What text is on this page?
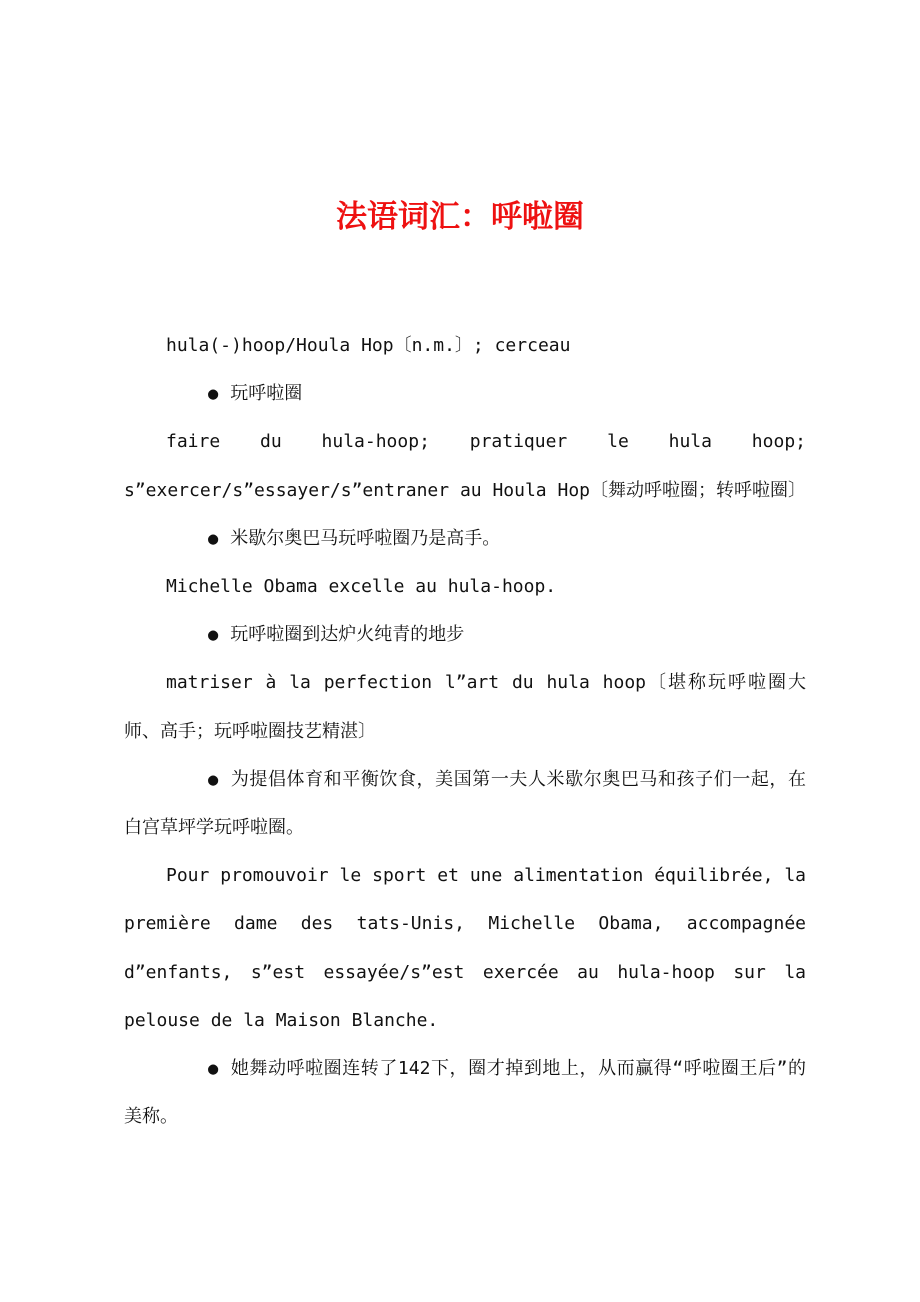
法语词汇：呼啦圈

hula(-)hoop/Houla Hop〔n.m.〕; cerceau

● 玩呼啦圈

faire du hula-hoop; pratiquer le hula hoop; s”exercer/s”essayer/s”entraner au Houla Hop〔舞动呼啦圈；转呼啦圈〕

● 米歇尔奥巴马玩呼啦圈乃是高手。

Michelle Obama excelle au hula-hoop.

● 玩呼啦圈到达炉火纯青的地步

matriser à la perfection l”art du hula hoop〔堪称玩呼啦圈大师、高手；玩呼啦圈技艺精湛〕

● 为提倡体育和平衡饮食，美国第一夫人米歇尔奥巴马和孩子们一起，在白宫草坪学玩呼啦圈。

Pour promouvoir le sport et une alimentation équilibrée, la première dame des tats-Unis, Michelle Obama, accompagnée d”enfants, s”est essayée/s”est exercée au hula-hoop sur la pelouse de la Maison Blanche.

● 她舞动呼啦圈连转了142下，圈才掉到地上，从而赢得“呼啦圈王后”的美称。
